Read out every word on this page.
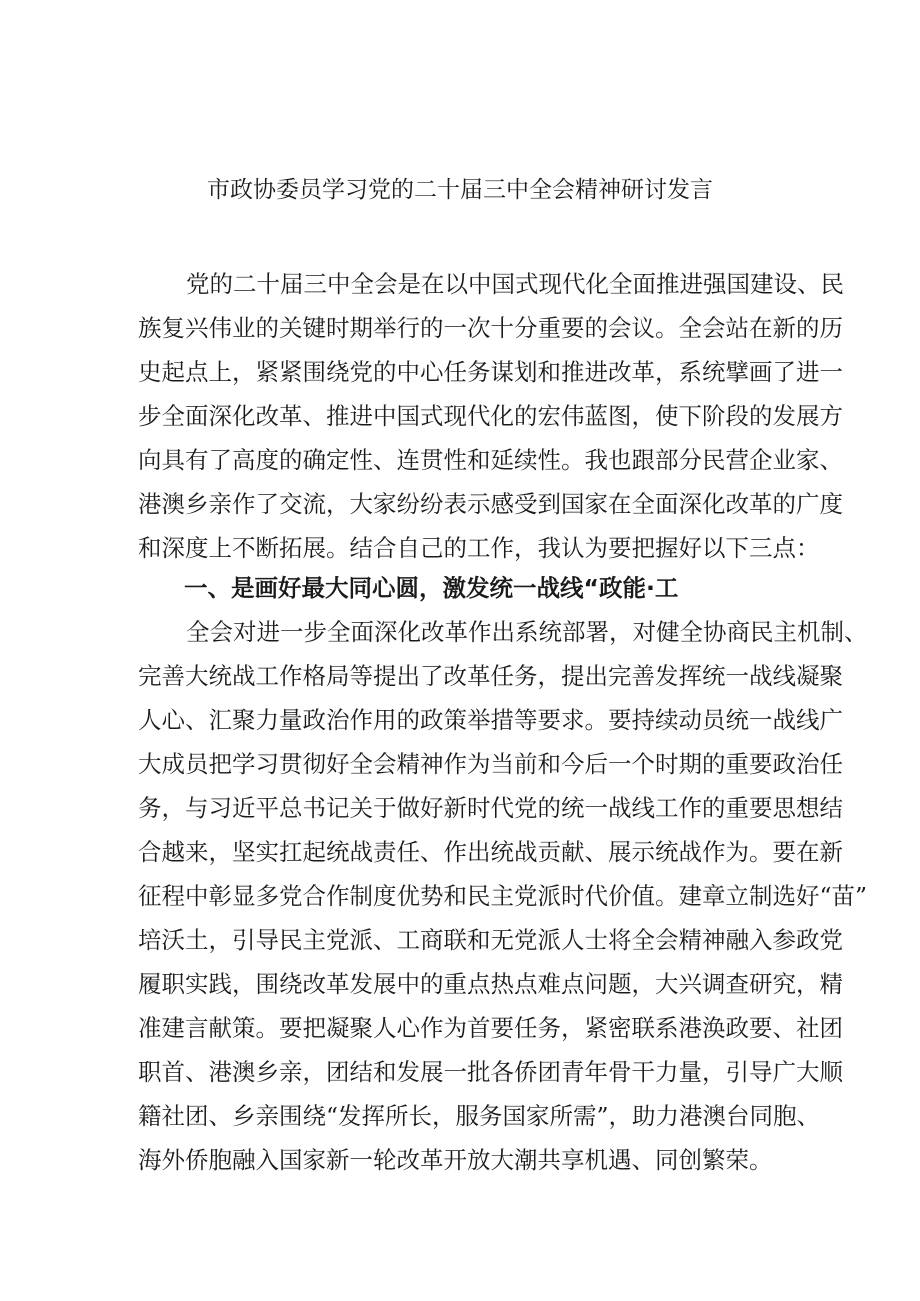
市政协委员学习党的二十届三中全会精神研讨发言
党的二十届三中全会是在以中国式现代化全面推进强国建设、民
族复兴伟业的关键时期举行的一次十分重要的会议。全会站在新的历
史起点上，紧紧围绕党的中心任务谋划和推进改革，系统擘画了进一
步全面深化改革、推进中国式现代化的宏伟蓝图，使下阶段的发展方
向具有了高度的确定性、连贯性和延续性。我也跟部分民营企业家、
港澳乡亲作了交流，大家纷纷表示感受到国家在全面深化改革的广度
和深度上不断拓展。结合自己的工作，我认为要把握好以下三点：
一、是画好最大同心圆，激发统一战线“政能·工
全会对进一步全面深化改革作出系统部署，对健全协商民主机制、
完善大统战工作格局等提出了改革任务，提出完善发挥统一战线凝聚
人心、汇聚力量政治作用的政策举措等要求。要持续动员统一战线广
大成员把学习贯彻好全会精神作为当前和今后一个时期的重要政治任
务，与习近平总书记关于做好新时代党的统一战线工作的重要思想结
合越来，坚实扛起统战责任、作出统战贡献、展示统战作为。要在新
征程中彰显多党合作制度优势和民主党派时代价值。建章立制选好“苗”
培沃土，引导民主党派、工商联和无党派人士将全会精神融入参政党
履职实践，围绕改革发展中的重点热点难点问题，大兴调查研究，精
准建言献策。要把凝聚人心作为首要任务，紧密联系港涣政要、社团
职首、港澳乡亲，团结和发展一批各侨团青年骨干力量，引导广大顺
籍社团、乡亲围绕“发挥所长，服务国家所需”，助力港澳台同胞、
海外侨胞融入国家新一轮改革开放大潮共享机遇、同创繁荣。
